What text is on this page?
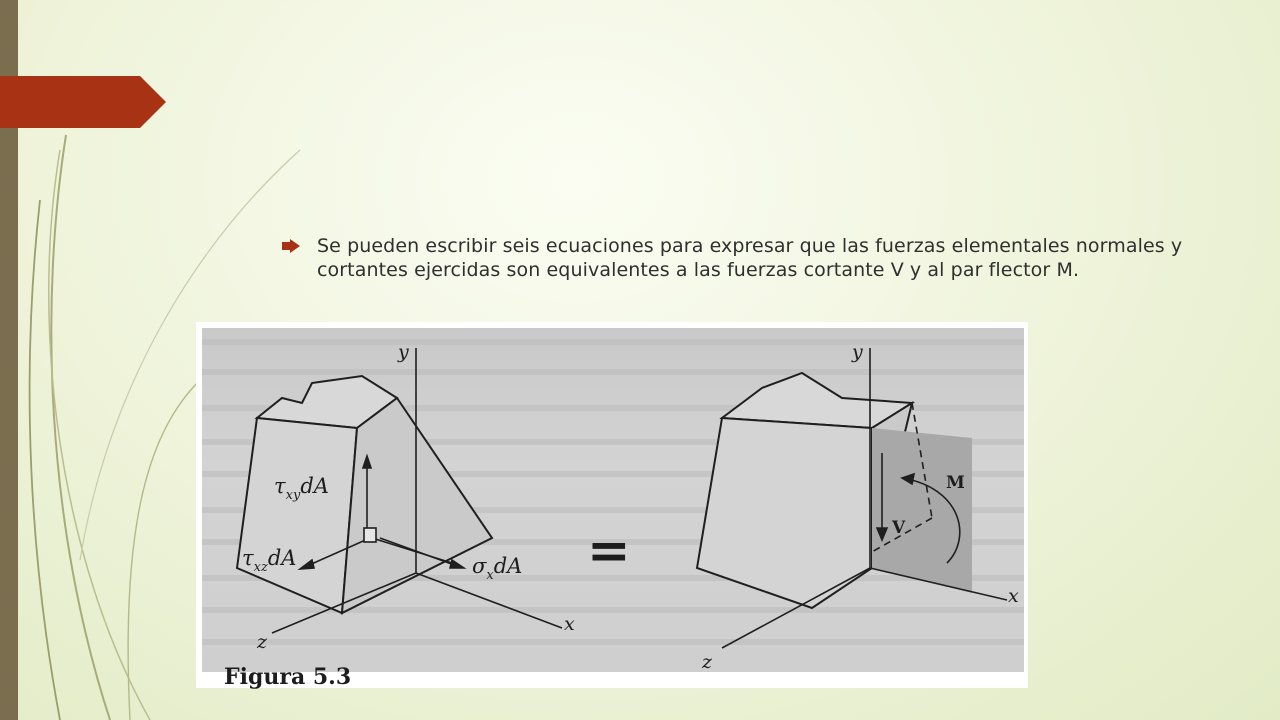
Se pueden escribir seis ecuaciones para expresar que las fuerzas elementales normales y cortantes ejercidas son equivalentes a las fuerzas cortante V y al par flector M.
y
x
z
$\tau_{xy}dA$
$\tau_{xz}dA$	$\sigma_xdA$ =
y
x
z
V
M
Figura 5.3
